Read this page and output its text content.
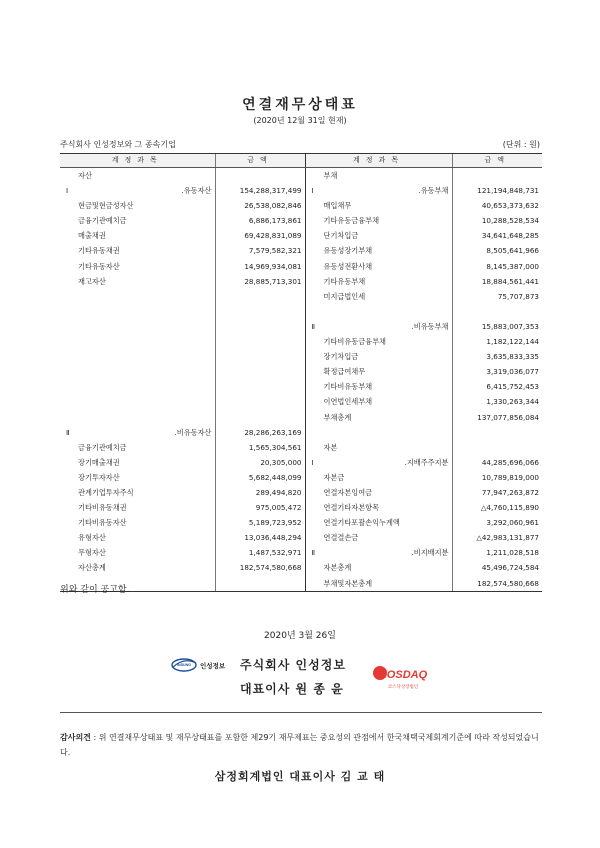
연결재무상태표
(2020년 12월 31일 현재)
주식회사 인성정보와 그 종속기업	(단위 : 원)
계정과목	금액	계정과목	금액
자산		부채	
Ⅰ.유동자산	154,288,317,499	Ⅰ.유동부채	121,194,848,731
현금및현금성자산	26,538,082,846	매입채무	40,653,373,632
금융기관예치금	6,886,173,861	기타유동금융부채	10,288,528,534
매출채권	69,428,831,089	단기차입금	34,641,648,285
기타유동채권	7,579,582,321	유동성장기부채	8,505,641,966
기타유동자산	14,969,934,081	유동성전환사채	8,145,387,000
재고자산	28,885,713,301	기타유동부채	18,884,561,441
		미지급법인세	75,707,873

		Ⅱ.비유동부채	15,883,007,353
		기타비유동금융부채	1,182,122,144
		장기차입금	3,635,833,335
		확정급여채무	3,319,036,077
		기타비유동부채	6,415,752,453
		이연법인세부채	1,330,263,344
		부채총계	137,077,856,084
Ⅱ.비유동자산	28,286,263,169		
금융기관예치금	1,565,304,561	자본	
장기매출채권	20,305,000	Ⅰ.지배주주지분	44,285,696,066
장기투자자산	5,682,448,099	자본금	10,789,819,000
관계기업투자주식	289,494,820	연결자본잉여금	77,947,263,872
기타비유동채권	975,005,472	연결기타자본항목	△4,760,115,890
기타비유동자산	5,189,723,952	연결기타포괄손익누계액	3,292,060,961
유형자산	13,036,448,294	연결결손금	△42,983,131,877
무형자산	1,487,532,971	Ⅱ.비지배지분	1,211,028,518
자산총계	182,574,580,668	자본총계	45,496,724,584
		부채및자본총계	182,574,580,668
위와 같이 공고함.
2020년 3월 26일
INSUNG 인성정보 주식회사 인성정보
대표이사 원 종 윤
KOSDAQ
코스닥상장법인
감사의견 : 위 연결재무상태표 및 재무상태표를 포함한 제29기 재무제표는 중요성의 관점에서 한국채택국제회계기준에 따라 작성되었습니다.
삼정회계법인 대표이사 김 교 태
